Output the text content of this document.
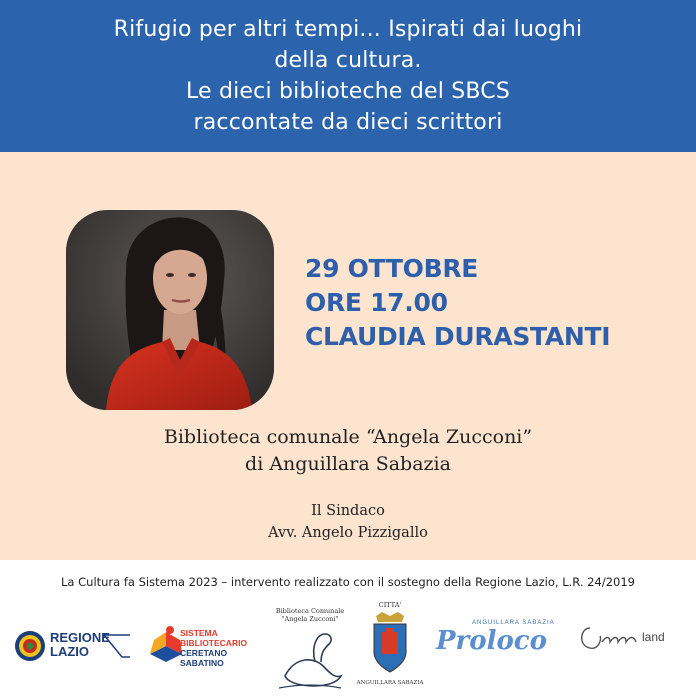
Rifugio per altri tempi... Ispirati dai luoghi
della cultura.
Le dieci biblioteche del SBCS
raccontate da dieci scrittori
29 OTTOBRE
ORE 17.00
CLAUDIA DURASTANTI
Biblioteca comunale “Angela Zucconi”
di Anguillara Sabazia
Il Sindaco
Avv. Angelo Pizzigallo
La Cultura fa Sistema 2023 – intervento realizzato con il sostegno della Regione Lazio, L.R. 24/2019
REGIONE
LAZIO
SISTEMA
BIBLIOTECARIO
CERETANO
SABATINO
Biblioteca Comunale
"Angela Zucconi"
CITTA'
ANGUILLARA SABAZIA
ANGUILLARA SABAZIA
Proloco	land
